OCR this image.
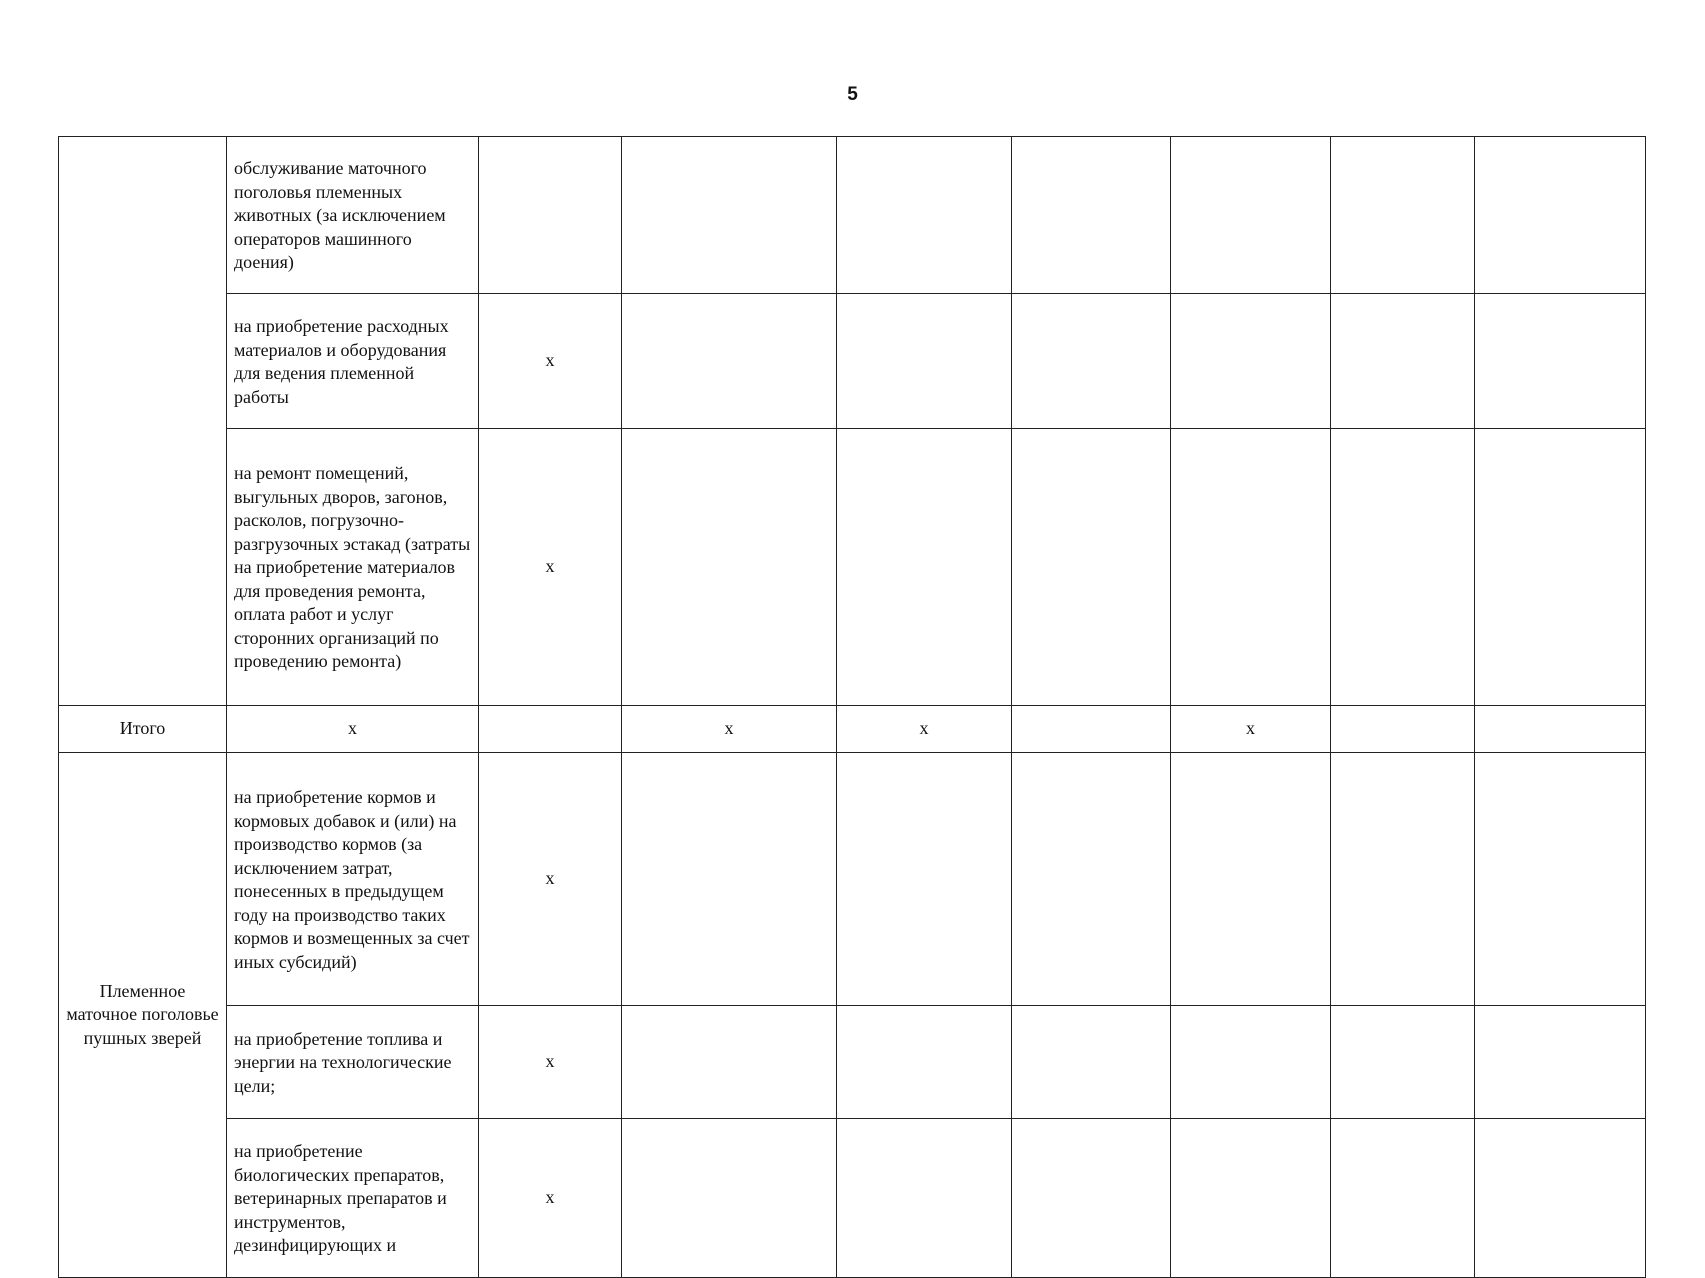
5
	обслуживание маточного поголовья племенных животных (за исключением операторов машинного доения)							
	на приобретение расходных материалов и оборудования для ведения племенной работы	x						
	на ремонт помещений, выгульных дворов, загонов, расколов, погрузочно-разгрузочных эстакад (затраты на приобретение материалов для проведения ремонта, оплата работ и услуг сторонних организаций по проведению ремонта)	x						
Итого	x		x	x		x		
Племенное маточное поголовье пушных зверей	на приобретение кормов и кормовых добавок и (или) на производство кормов (за исключением затрат, понесенных в предыдущем году на производство таких кормов и возмещенных за счет иных субсидий)	x						
	на приобретение топлива и энергии на технологические цели;	x						
	на приобретение биологических препаратов, ветеринарных препаратов и инструментов, дезинфицирующих и	x						
